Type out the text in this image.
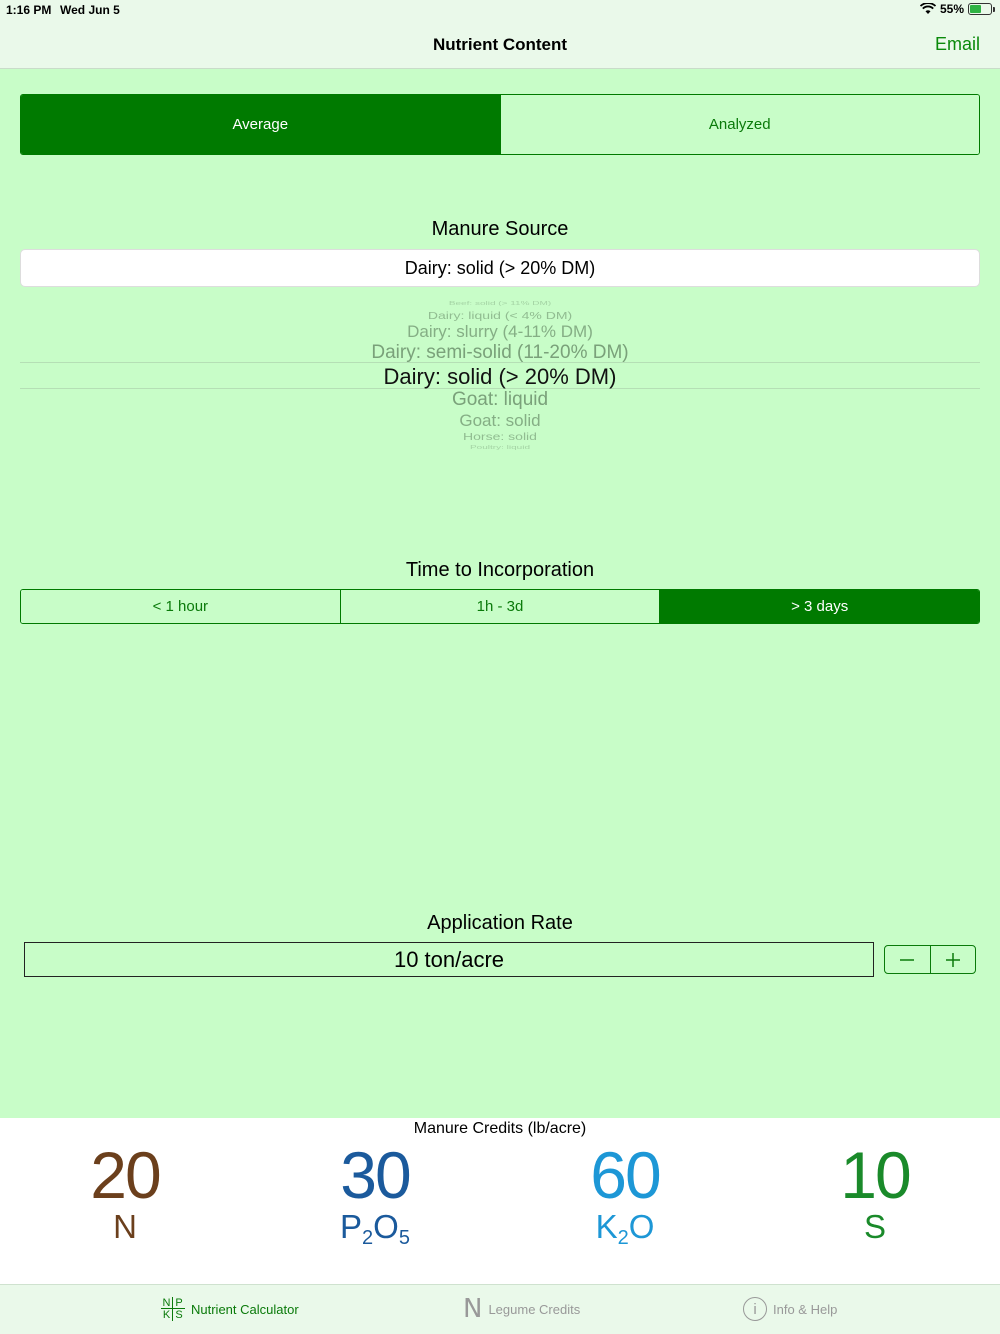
1:16 PM Wed Jun 5	55%
Nutrient Content	Email
Average	Analyzed
Manure Source
Dairy: solid (> 20% DM)
Beef: solid (> 11% DM)
Dairy: liquid (< 4% DM)
Dairy: slurry (4-11% DM)
Dairy: semi-solid (11-20% DM)
Dairy: solid (> 20% DM)
Goat: liquid
Goat: solid
Horse: solid
Poultry: liquid
Time to Incorporation
< 1 hour	1h - 3d	> 3 days
Application Rate
10 ton/acre
Manure Credits (lb/acre)
20
N
30
$P_2O_5$
60
$K_2O$
10
S
N P
K S Nutrient Calculator	N Legume Credits	i	Info & Help
